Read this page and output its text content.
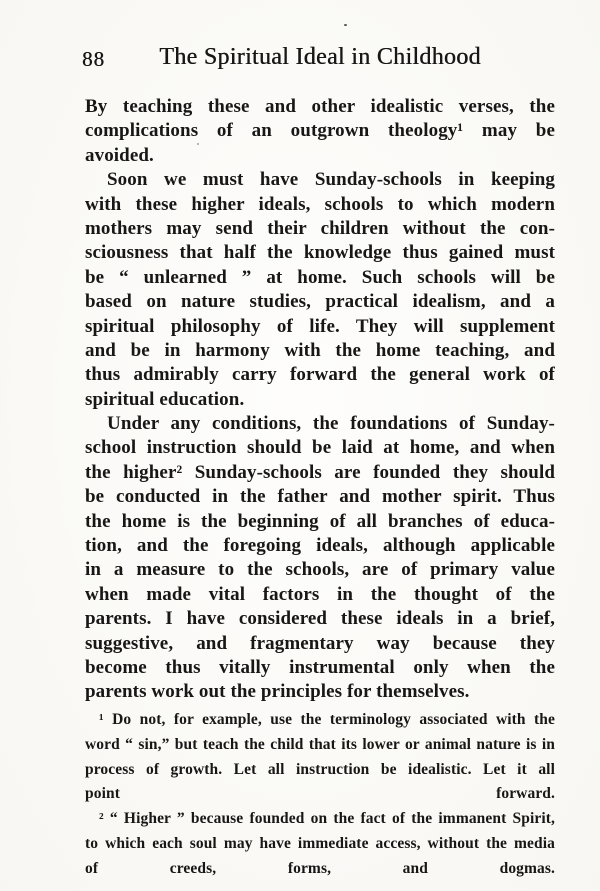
88	The Spiritual Ideal in Childhood
By teaching these and other idealistic verses, the
complications of an outgrown theology¹ may be
avoided.
Soon we must have Sunday-schools in keeping
with these higher ideals, schools to which modern
mothers may send their children without the con-
sciousness that half the knowledge thus gained must
be “ unlearned ” at home. Such schools will be
based on nature studies, practical idealism, and a
spiritual philosophy of life. They will supplement
and be in harmony with the home teaching, and
thus admirably carry forward the general work of
spiritual education.
Under any conditions, the foundations of Sunday-
school instruction should be laid at home, and when
the higher² Sunday-schools are founded they should
be conducted in the father and mother spirit. Thus
the home is the beginning of all branches of educa-
tion, and the foregoing ideals, although applicable
in a measure to the schools, are of primary value
when made vital factors in the thought of the
parents. I have considered these ideals in a brief,
suggestive, and fragmentary way because they
become thus vitally instrumental only when the
parents work out the principles for themselves.
¹ Do not, for example, use the terminology associated with the
word “ sin,” but teach the child that its lower or animal nature is in
process of growth. Let all instruction be idealistic. Let it all
point forward.
² “ Higher ” because founded on the fact of the immanent Spirit,
to which each soul may have immediate access, without the media
of creeds, forms, and dogmas.
